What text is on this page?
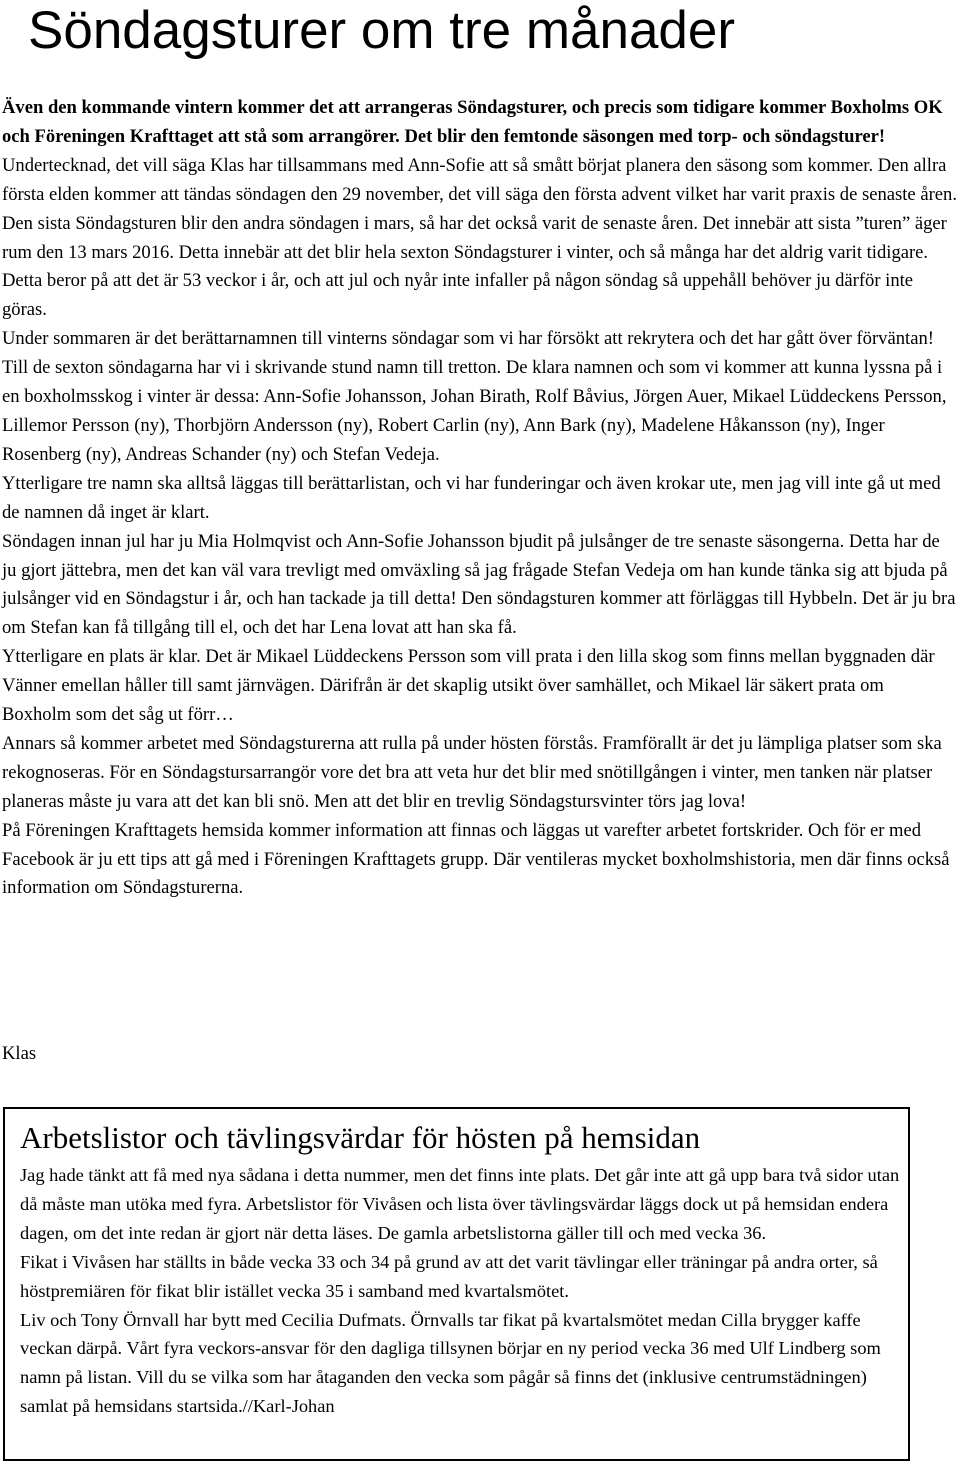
Söndagsturer om tre månader

Även den kommande vintern kommer det att arrangeras Söndagsturer, och precis som tidigare kommer Boxholms OK och Föreningen Krafttaget att stå som arrangörer. Det blir den femtonde säsongen med torp- och söndagsturer!

Undertecknad, det vill säga Klas har tillsammans med Ann-Sofie att så smått börjat planera den säsong som kommer. Den allra första elden kommer att tändas söndagen den 29 november, det vill säga den första advent vilket har varit praxis de senaste åren. Den sista Söndagsturen blir den andra söndagen i mars, så har det också varit de senaste åren. Det innebär att sista ”turen” äger rum den 13 mars 2016. Detta innebär att det blir hela sexton Söndagsturer i vinter, och så många har det aldrig varit tidigare. Detta beror på att det är 53 veckor i år, och att jul och nyår inte infaller på någon söndag så uppehåll behöver ju därför inte göras.

Under sommaren är det berättarnamnen till vinterns söndagar som vi har försökt att rekrytera och det har gått över förväntan! Till de sexton söndagarna har vi i skrivande stund namn till tretton. De klara namnen och som vi kommer att kunna lyssna på i en boxholmsskog i vinter är dessa: Ann-Sofie Johansson, Johan Birath, Rolf Båvius, Jörgen Auer, Mikael Lüddeckens Persson, Lillemor Persson (ny), Thorbjörn Andersson (ny), Robert Carlin (ny), Ann Bark (ny), Madelene Håkansson (ny), Inger Rosenberg (ny), Andreas Schander (ny) och Stefan Vedeja.

Ytterligare tre namn ska alltså läggas till berättarlistan, och vi har funderingar och även krokar ute, men jag vill inte gå ut med de namnen då inget är klart.

Söndagen innan jul har ju Mia Holmqvist och Ann-Sofie Johansson bjudit på julsånger de tre senaste säsongerna. Detta har de ju gjort jättebra, men det kan väl vara trevligt med omväxling så jag frågade Stefan Vedeja om han kunde tänka sig att bjuda på julsånger vid en Söndagstur i år, och han tackade ja till detta! Den söndagsturen kommer att förläggas till Hybbeln. Det är ju bra om Stefan kan få tillgång till el, och det har Lena lovat att han ska få.

Ytterligare en plats är klar. Det är Mikael Lüddeckens Persson som vill prata i den lilla skog som finns mellan byggnaden där Vänner emellan håller till samt järnvägen. Därifrån är det skaplig utsikt över samhället, och Mikael lär säkert prata om Boxholm som det såg ut förr…

Annars så kommer arbetet med Söndagsturerna att rulla på under hösten förstås. Framförallt är det ju lämpliga platser som ska rekognoseras. För en Söndagstursarrangör vore det bra att veta hur det blir med snötillgången i vinter, men tanken när platser planeras måste ju vara att det kan bli snö. Men att det blir en trevlig Söndagstursvinter törs jag lova!

På Föreningen Krafttagets hemsida kommer information att finnas och läggas ut varefter arbetet fortskrider. Och för er med Facebook är ju ett tips att gå med i Föreningen Krafttagets grupp. Där ventileras mycket boxholmshistoria, men där finns också information om Söndagsturerna.

Klas
Arbetslistor och tävlingsvärdar för hösten på hemsidan

Jag hade tänkt att få med nya sådana i detta nummer, men det finns inte plats. Det går inte att gå upp bara två sidor utan då måste man utöka med fyra. Arbetslistor för Vivåsen och lista över tävlingsvärdar läggs dock ut på hemsidan endera dagen, om det inte redan är gjort när detta läses. De gamla arbetslistorna gäller till och med vecka 36.

Fikat i Vivåsen har ställts in både vecka 33 och 34 på grund av att det varit tävlingar eller träningar på andra orter, så höstpremiären för fikat blir istället vecka 35 i samband med kvartalsmötet.

Liv och Tony Örnvall har bytt med Cecilia Dufmats. Örnvalls tar fikat på kvartalsmötet medan Cilla brygger kaffe veckan därpå. Vårt fyra veckors-ansvar för den dagliga tillsynen börjar en ny period vecka 36 med Ulf Lindberg som namn på listan. Vill du se vilka som har åtaganden den vecka som pågår så finns det (inklusive centrumstädningen) samlat på hemsidans startsida.//Karl-Johan
